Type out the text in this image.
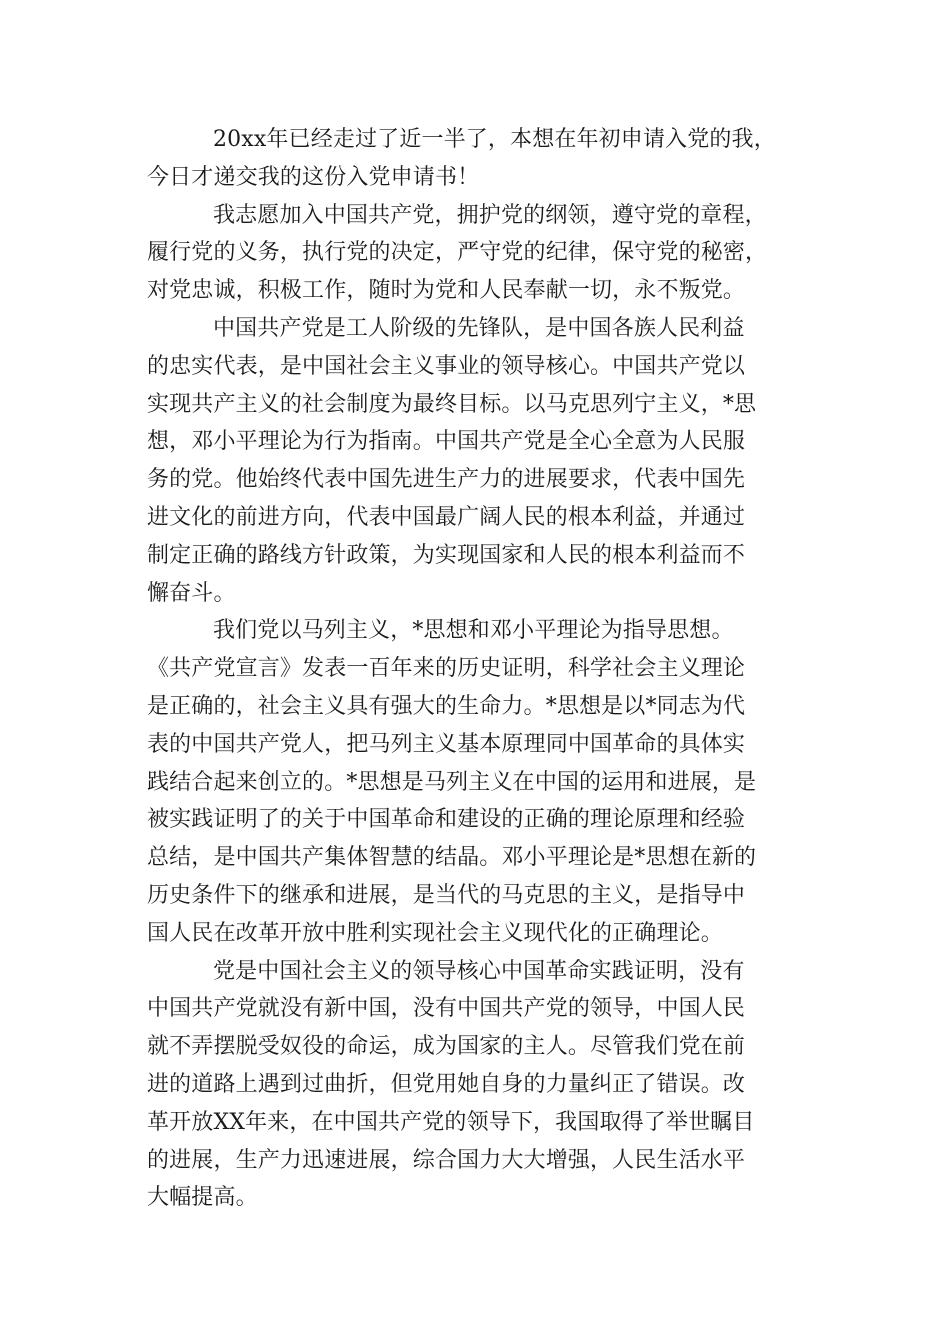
20xx年已经走过了近一半了，本想在年初申请入党的我，
今日才递交我的这份入党申请书！
我志愿加入中国共产党，拥护党的纲领，遵守党的章程，
履行党的义务，执行党的决定，严守党的纪律，保守党的秘密，
对党忠诚，积极工作，随时为党和人民奉献一切，永不叛党。
中国共产党是工人阶级的先锋队，是中国各族人民利益
的忠实代表，是中国社会主义事业的领导核心。中国共产党以
实现共产主义的社会制度为最终目标。以马克思列宁主义，*思
想，邓小平理论为行为指南。中国共产党是全心全意为人民服
务的党。他始终代表中国先进生产力的进展要求，代表中国先
进文化的前进方向，代表中国最广阔人民的根本利益，并通过
制定正确的路线方针政策，为实现国家和人民的根本利益而不
懈奋斗。
我们党以马列主义，*思想和邓小平理论为指导思想。
《共产党宣言》发表一百年来的历史证明，科学社会主义理论
是正确的，社会主义具有强大的生命力。*思想是以*同志为代
表的中国共产党人，把马列主义基本原理同中国革命的具体实
践结合起来创立的。*思想是马列主义在中国的运用和进展，是
被实践证明了的关于中国革命和建设的正确的理论原理和经验
总结，是中国共产集体智慧的结晶。邓小平理论是*思想在新的
历史条件下的继承和进展，是当代的马克思的主义，是指导中
国人民在改革开放中胜利实现社会主义现代化的正确理论。
党是中国社会主义的领导核心中国革命实践证明，没有
中国共产党就没有新中国，没有中国共产党的领导，中国人民
就不弄摆脱受奴役的命运，成为国家的主人。尽管我们党在前
进的道路上遇到过曲折，但党用她自身的力量纠正了错误。改
革开放XX年来，在中国共产党的领导下，我国取得了举世瞩目
的进展，生产力迅速进展，综合国力大大增强，人民生活水平
大幅提高。
